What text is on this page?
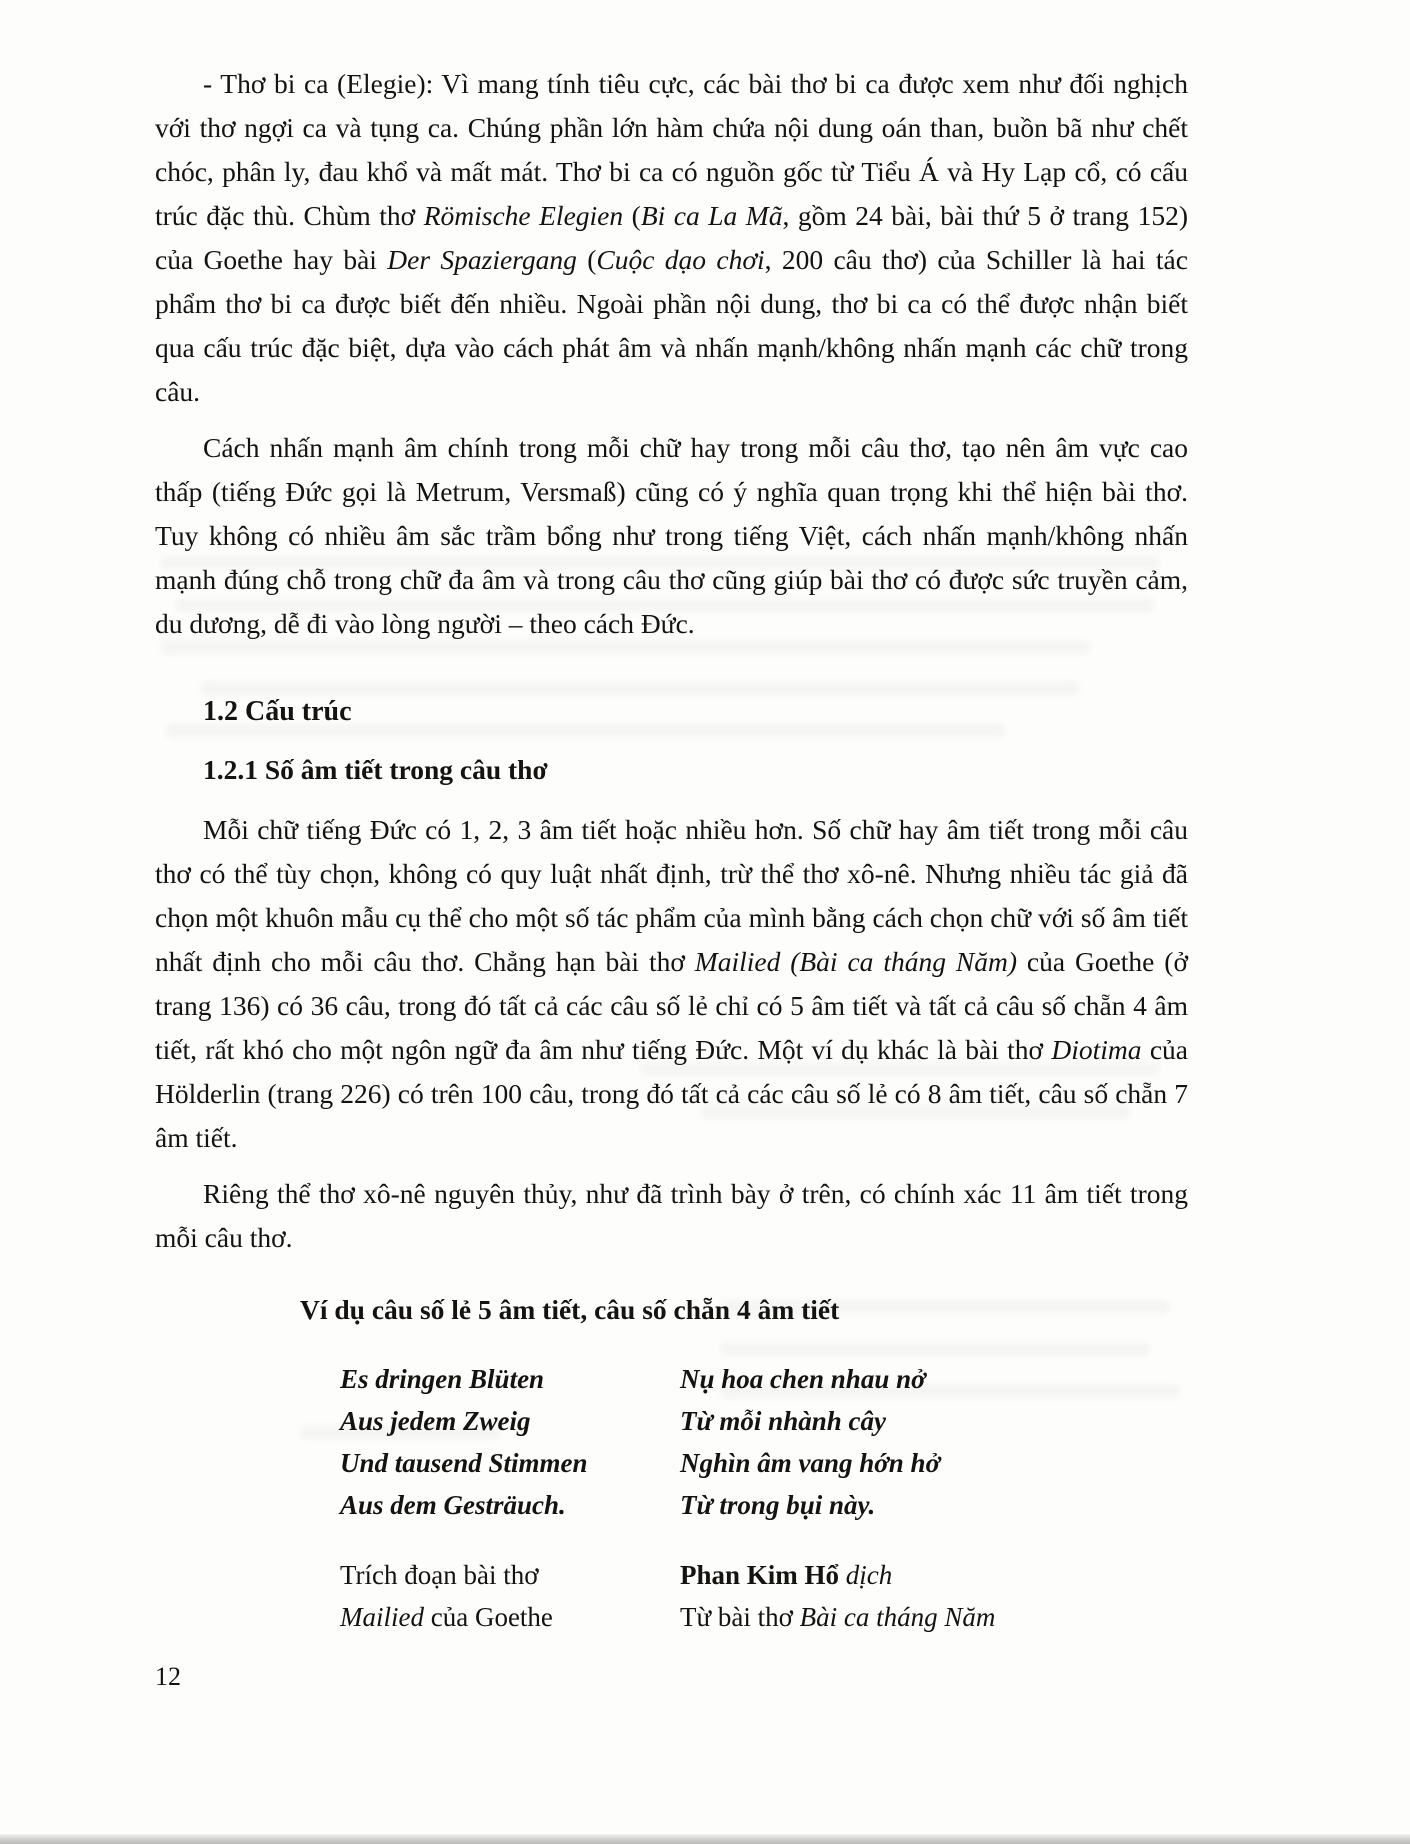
- Thơ bi ca (Elegie): Vì mang tính tiêu cực, các bài thơ bi ca được xem như đối nghịch với thơ ngợi ca và tụng ca. Chúng phần lớn hàm chứa nội dung oán than, buồn bã như chết chóc, phân ly, đau khổ và mất mát. Thơ bi ca có nguồn gốc từ Tiểu Á và Hy Lạp cổ, có cấu trúc đặc thù. Chùm thơ Römische Elegien (Bi ca La Mã, gồm 24 bài, bài thứ 5 ở trang 152) của Goethe hay bài Der Spaziergang (Cuộc dạo chơi, 200 câu thơ) của Schiller là hai tác phẩm thơ bi ca được biết đến nhiều. Ngoài phần nội dung, thơ bi ca có thể được nhận biết qua cấu trúc đặc biệt, dựa vào cách phát âm và nhấn mạnh/không nhấn mạnh các chữ trong câu.

Cách nhấn mạnh âm chính trong mỗi chữ hay trong mỗi câu thơ, tạo nên âm vực cao thấp (tiếng Đức gọi là Metrum, Versmaß) cũng có ý nghĩa quan trọng khi thể hiện bài thơ. Tuy không có nhiều âm sắc trầm bổng như trong tiếng Việt, cách nhấn mạnh/không nhấn mạnh đúng chỗ trong chữ đa âm và trong câu thơ cũng giúp bài thơ có được sức truyền cảm, du dương, dễ đi vào lòng người – theo cách Đức.

1.2 Cấu trúc
1.2.1 Số âm tiết trong câu thơ

Mỗi chữ tiếng Đức có 1, 2, 3 âm tiết hoặc nhiều hơn. Số chữ hay âm tiết trong mỗi câu thơ có thể tùy chọn, không có quy luật nhất định, trừ thể thơ xô-nê. Nhưng nhiều tác giả đã chọn một khuôn mẫu cụ thể cho một số tác phẩm của mình bằng cách chọn chữ với số âm tiết nhất định cho mỗi câu thơ. Chẳng hạn bài thơ Mailied (Bài ca tháng Năm) của Goethe (ở trang 136) có 36 câu, trong đó tất cả các câu số lẻ chỉ có 5 âm tiết và tất cả câu số chẵn 4 âm tiết, rất khó cho một ngôn ngữ đa âm như tiếng Đức. Một ví dụ khác là bài thơ Diotima của Hölderlin (trang 226) có trên 100 câu, trong đó tất cả các câu số lẻ có 8 âm tiết, câu số chẵn 7 âm tiết.

Riêng thể thơ xô-nê nguyên thủy, như đã trình bày ở trên, có chính xác 11 âm tiết trong mỗi câu thơ.

Ví dụ câu số lẻ 5 âm tiết, câu số chẵn 4 âm tiết
Es dringen Blüten
Aus jedem Zweig
Und tausend Stimmen
Aus dem Gesträuch.
Nụ hoa chen nhau nở
Từ mỗi nhành cây
Nghìn âm vang hớn hở
Từ trong bụi này.
Trích đoạn bài thơ
Mailied của Goethe
Phan Kim Hổ dịch
Từ bài thơ Bài ca tháng Năm
12
